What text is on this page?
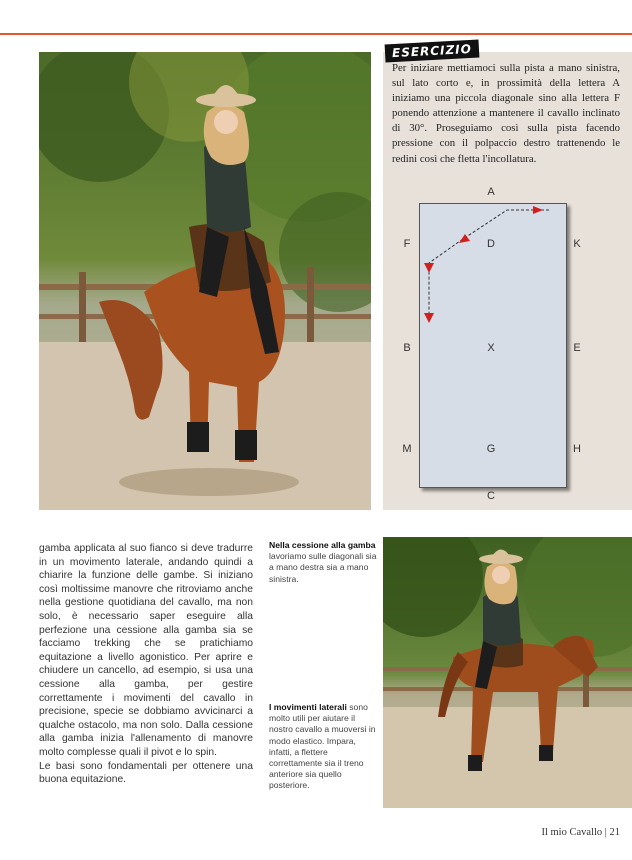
ESERCIZIO

Per iniziare mettiamoci sulla pista a mano sinistra, sul lato corto e, in prossimità della lettera A iniziamo una piccola diagonale sino alla lettera F ponendo attenzione a mantenere il cavallo inclinato di 30°. Proseguiamo così sulla pista facendo pressione con il polpaccio destro trattenendo le redini così che fletta l'incollatura.

A
C
F	D	K
B	X	E
M	G	H

gamba applicata al suo fianco si deve tradurre in un movimento laterale, andando quindi a chiarire la funzione delle gambe. Si iniziano così moltissime manovre che ritroviamo anche nella gestione quotidiana del cavallo, ma non solo, è necessario saper eseguire alla perfezione una cessione alla gamba sia se facciamo trekking che se pratichiamo equitazione a livello agonistico. Per aprire e chiudere un cancello, ad esempio, si usa una cessione alla gamba, per gestire correttamente i movimenti del cavallo in precisione, specie se dobbiamo avvicinarci a qualche ostacolo, ma non solo. Dalla cessione alla gamba inizia l'allenamento di manovre molto complesse quali il pivot e lo spin.

Le basi sono fondamentali per ottenere una buona equitazione.

Nella cessione alla gamba lavoriamo sulle diagonali sia a mano destra sia a mano sinistra.
I movimenti laterali sono molto utili per aiutare il nostro cavallo a muoversi in modo elastico. Impara, infatti, a flettere correttamente sia il treno anteriore sia quello posteriore.
Il mio Cavallo | 21
